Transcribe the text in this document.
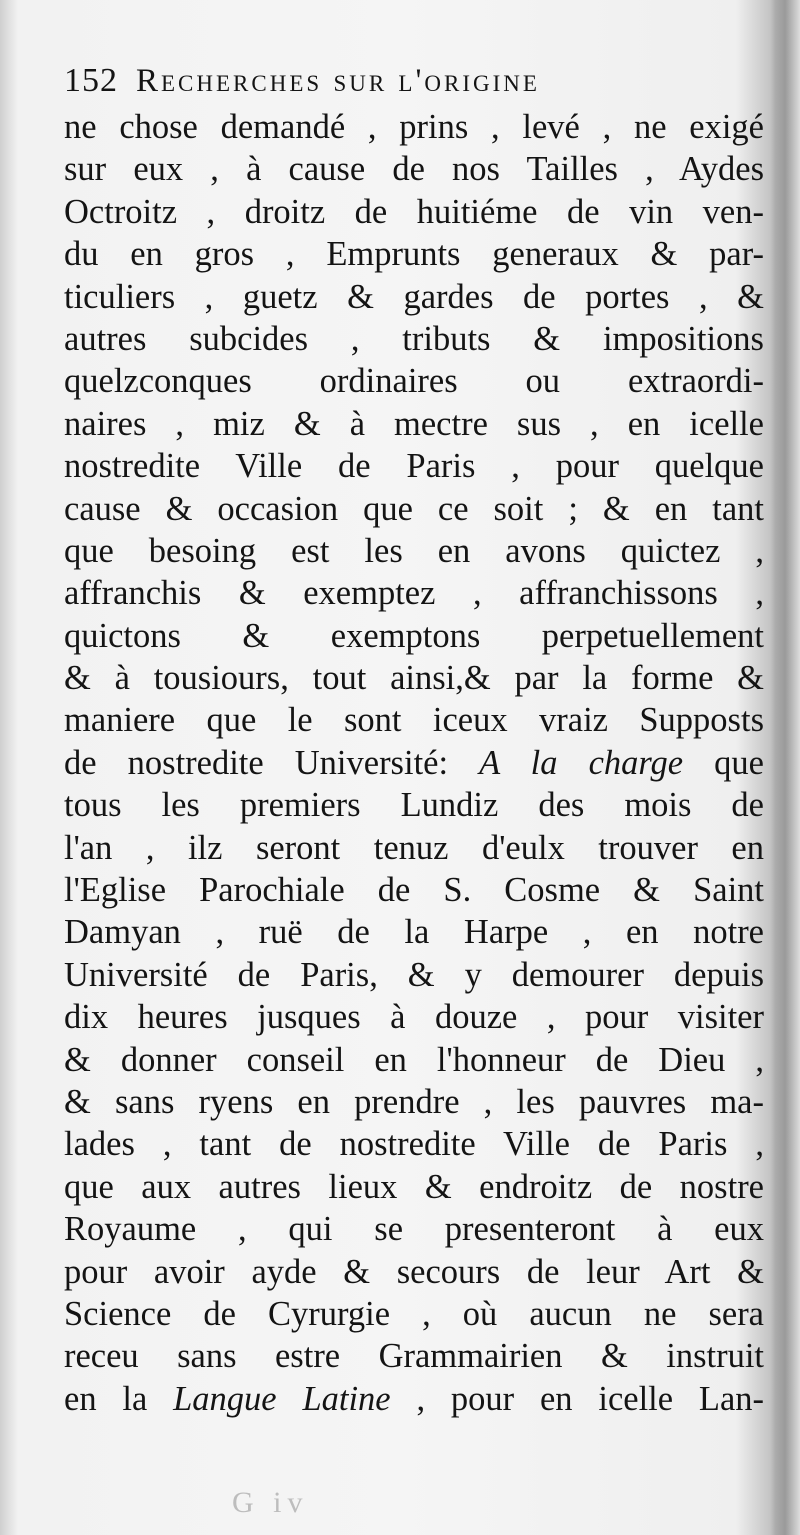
152 Recherches sur l'origine
ne chose demandé , prins , levé , ne exigé
sur eux , à cause de nos Tailles , Aydes
Octroitz , droitz de huitiéme de vin ven-
du en gros , Emprunts generaux & par-
ticuliers , guetz & gardes de portes , &
autres subcides , tributs & impositions
quelzconques ordinaires ou extraordi-
naires , miz & à mectre sus , en icelle
nostredite Ville de Paris , pour quelque
cause & occasion que ce soit ; & en tant
que besoing est les en avons quictez ,
affranchis & exemptez , affranchissons ,
quictons & exemptons perpetuellement
& à tousiours, tout ainsi,& par la forme &
maniere que le sont iceux vraiz Supposts
de nostredite Université: A la charge que
tous les premiers Lundiz des mois de
l'an , ilz seront tenuz d'eulx trouver en
l'Eglise Parochiale de S. Cosme & Saint
Damyan , ruë de la Harpe , en notre
Université de Paris, & y demourer depuis
dix heures jusques à douze , pour visiter
& donner conseil en l'honneur de Dieu ,
& sans ryens en prendre , les pauvres ma-
lades , tant de nostredite Ville de Paris ,
que aux autres lieux & endroitz de nostre
Royaume , qui se presenteront à eux
pour avoir ayde & secours de leur Art &
Science de Cyrurgie , où aucun ne sera
receu sans estre Grammairien & instruit
en la Langue Latine , pour en icelle Lan-
G iv
